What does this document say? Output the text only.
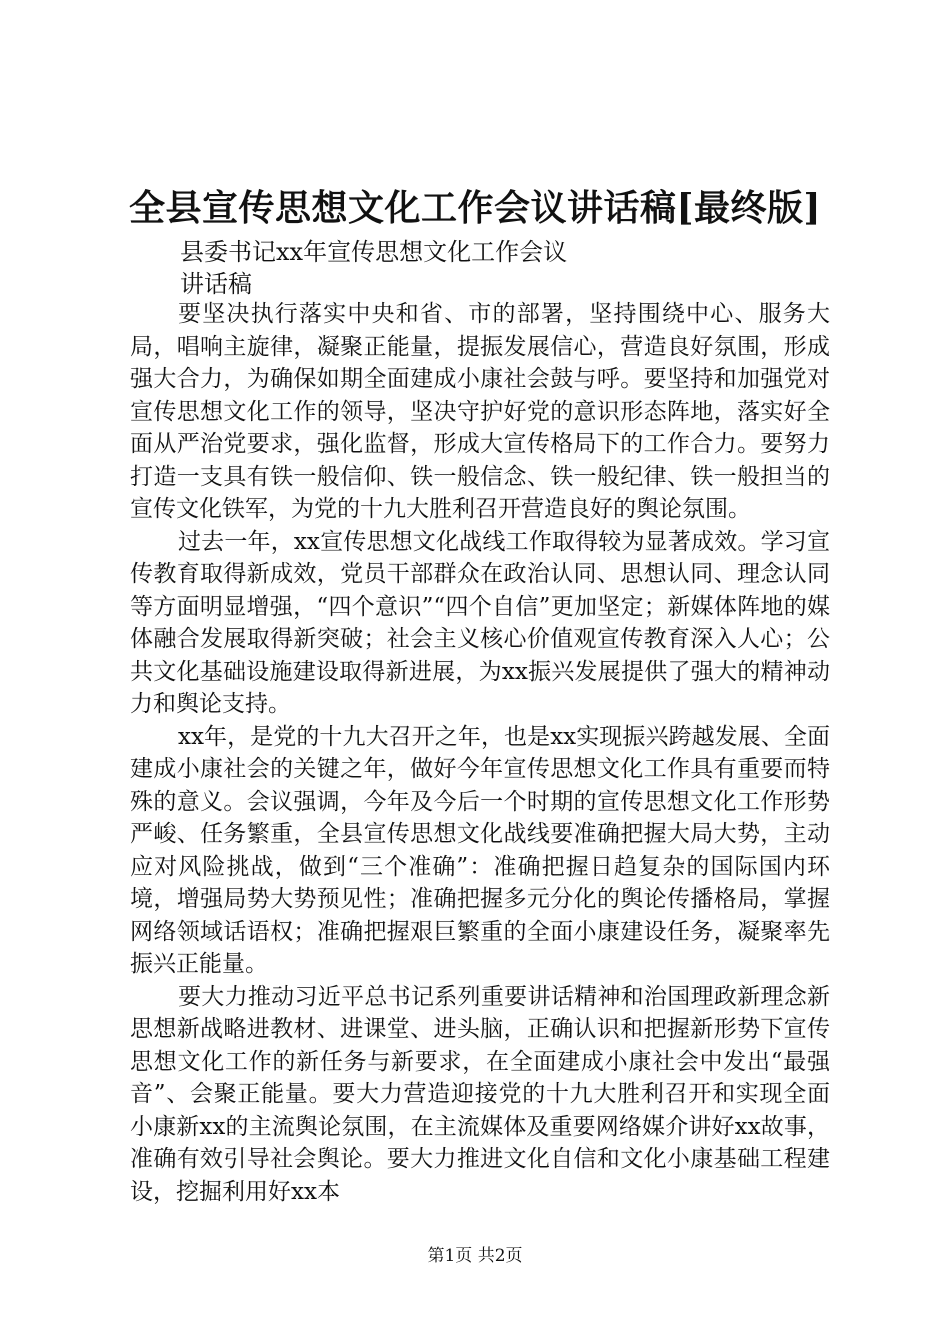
全县宣传思想文化工作会议讲话稿[最终版]
县委书记xx年宣传思想文化工作会议
讲话稿

要坚决执行落实中央和省、市的部署，坚持围绕中心、服务大局，唱响主旋律，凝聚正能量，提振发展信心，营造良好氛围，形成强大合力，为确保如期全面建成小康社会鼓与呼。要坚持和加强党对宣传思想文化工作的领导，坚决守护好党的意识形态阵地，落实好全面从严治党要求，强化监督，形成大宣传格局下的工作合力。要努力打造一支具有铁一般信仰、铁一般信念、铁一般纪律、铁一般担当的宣传文化铁军，为党的十九大胜利召开营造良好的舆论氛围。

过去一年，xx宣传思想文化战线工作取得较为显著成效。学习宣传教育取得新成效，党员干部群众在政治认同、思想认同、理念认同等方面明显增强，“四个意识”“四个自信”更加坚定；新媒体阵地的媒体融合发展取得新突破；社会主义核心价值观宣传教育深入人心；公共文化基础设施建设取得新进展，为xx振兴发展提供了强大的精神动力和舆论支持。

xx年，是党的十九大召开之年，也是xx实现振兴跨越发展、全面建成小康社会的关键之年，做好今年宣传思想文化工作具有重要而特殊的意义。会议强调，今年及今后一个时期的宣传思想文化工作形势严峻、任务繁重，全县宣传思想文化战线要准确把握大局大势，主动应对风险挑战，做到“三个准确”：准确把握日趋复杂的国际国内环境，增强局势大势预见性；准确把握多元分化的舆论传播格局，掌握网络领域话语权；准确把握艰巨繁重的全面小康建设任务，凝聚率先振兴正能量。

要大力推动习近平总书记系列重要讲话精神和治国理政新理念新思想新战略进教材、进课堂、进头脑，正确认识和把握新形势下宣传思想文化工作的新任务与新要求，在全面建成小康社会中发出“最强音”、会聚正能量。要大力营造迎接党的十九大胜利召开和实现全面小康新xx的主流舆论氛围，在主流媒体及重要网络媒介讲好xx故事，准确有效引导社会舆论。要大力推进文化自信和文化小康基础工程建设，挖掘利用好xx本

第1页 共2页
